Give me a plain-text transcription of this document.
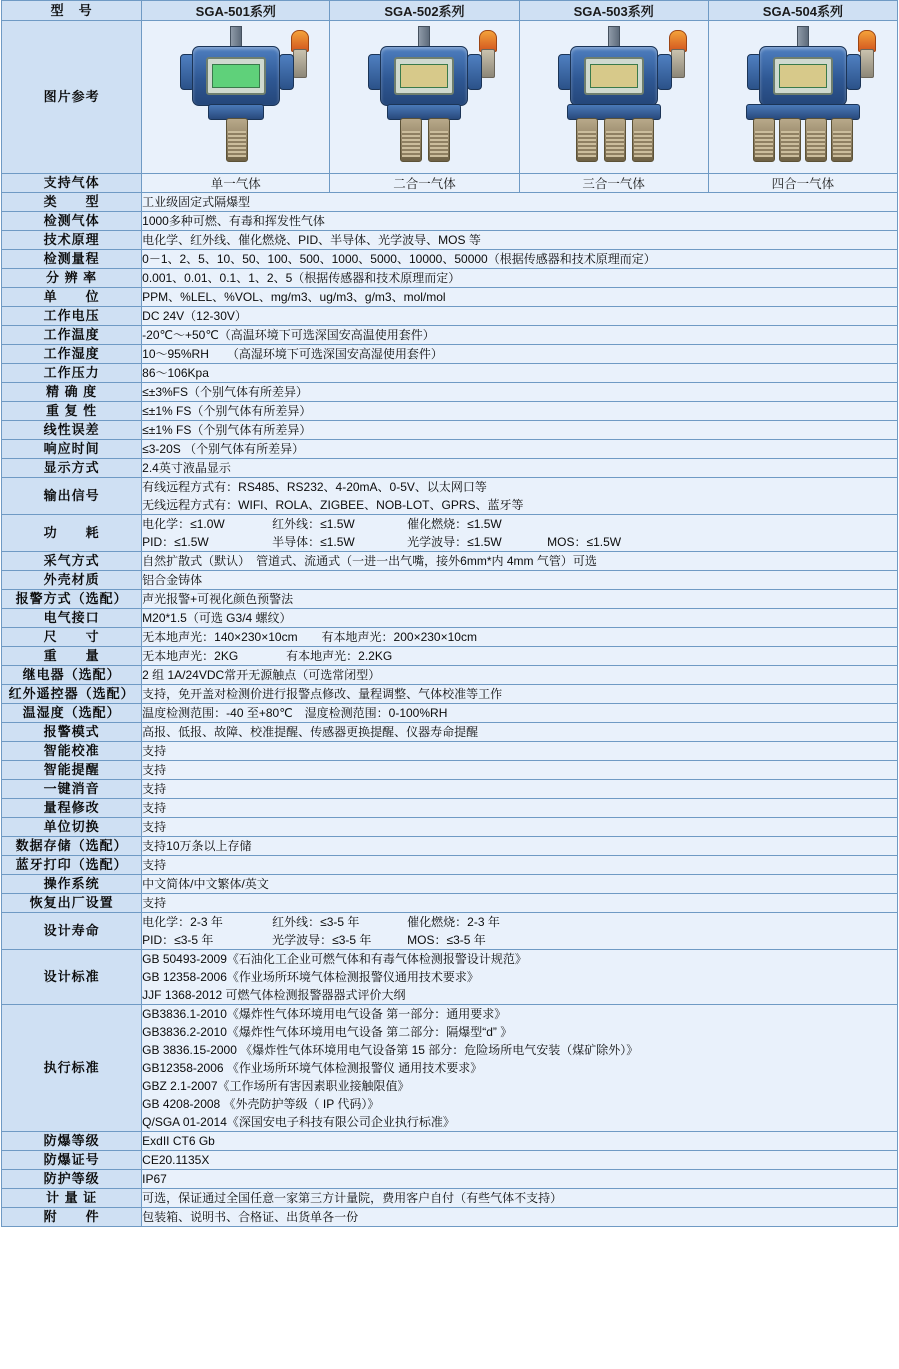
型　号	SGA-501系列	SGA-502系列	SGA-503系列	SGA-504系列
图片参考	

支持气体	单一气体	二合一气体	三合一气体	四合一气体
类　　型	工业级固定式隔爆型			

检测气体	1000多种可燃、有毒和挥发性气体			

技术原理	电化学、红外线、催化燃烧、PID、半导体、光学波导、MOS 等			

检测量程	0－1、2、5、10、50、100、500、1000、5000、10000、50000（根据传感器和技术原理而定）			

分 辨 率	0.001、0.01、0.1、1、2、5（根据传感器和技术原理而定）			

单　　位	PPM、%LEL、%VOL、mg/m3、ug/m3、g/m3、mol/mol			

工作电压	DC 24V（12-30V）			

工作温度	-20℃～+50℃（高温环境下可选深国安高温使用套件）			

工作湿度	10～95%RH　　（高湿环境下可选深国安高湿使用套件）			

工作压力	86～106Kpa			

精 确 度	≤±3%FS（个别气体有所差异）			

重 复 性	≤±1% FS（个别气体有所差异）			

线性误差	≤±1% FS（个别气体有所差异）			

响应时间	≤3-20S （个别气体有所差异）			

显示方式	2.4英寸液晶显示			

输出信号	有线远程方式有：RS485、RS232、4-20mA、0-5V、以太网口等
无线远程方式有：WIFI、ROLA、ZIGBEE、NOB-LOT、GPRS、蓝牙等			

功　　耗	
电化学：≤1.0W	红外线：≤1.5W	催化燃烧：≤1.5W
PID：≤1.5W	半导体：≤1.5W	光学波导：≤1.5W	MOS：≤1.5W

采气方式	自然扩散式（默认）　管道式、流通式（一进一出气嘴，接外6mm*内 4mm 气管）可选			

外壳材质	铝合金铸体			

报警方式（选配）	声光报警+可视化颜色预警法			

电气接口	M20*1.5（可选 G3/4 螺纹）			

尺　　寸	无本地声光：140×230×10cm　　有本地声光：200×230×10cm			

重　　量	无本地声光：2KG　　　　有本地声光：2.2KG			

继电器（选配）	2 组 1A/24VDC常开无源触点（可选常闭型）			

红外遥控器（选配）	支持，免开盖对检测价进行报警点修改、量程调整、气体校准等工作			

温湿度（选配）	温度检测范围：-40 至+80℃　湿度检测范围：0-100%RH			

报警模式	高报、低报、故障、校准提醒、传感器更换提醒、仪器寿命提醒			

智能校准	支持			

智能提醒	支持			

一键消音	支持			

量程修改	支持			

单位切换	支持			

数据存储（选配）	支持10万条以上存储			

蓝牙打印（选配）	支持			

操作系统	中文简体/中文繁体/英文			

恢复出厂设置	支持			

设计寿命	
电化学：2-3 年	红外线：≤3-5 年	催化燃烧：2-3 年
PID：≤3-5 年	光学波导：≤3-5 年	MOS：≤3-5 年

设计标准	GB 50493-2009《石油化工企业可燃气体和有毒气体检测报警设计规范》
GB 12358-2006《作业场所环境气体检测报警仪通用技术要求》
JJF 1368-2012 可燃气体检测报警器器式评价大纲			

执行标准	
GB3836.1-2010《爆炸性气体环境用电气设备 第一部分：通用要求》
GB3836.2-2010《爆炸性气体环境用电气设备 第二部分：隔爆型“d” 》
GB 3836.15-2000 《爆炸性气体环境用电气设备第 15 部分：危险场所电气安装（煤矿除外）》
GB12358-2006 《作业场所环境气体检测报警仪 通用技术要求》
GBZ 2.1-2007《工作场所有害因素职业接触限值》
GB 4208-2008 《外壳防护等级（ IP 代码）》
Q/SGA 01-2014《深国安电子科技有限公司企业执行标准》

防爆等级	ExdII CT6 Gb			

防爆证号	CE20.1135X			

防护等级	IP67			

计 量 证	可选，保证通过全国任意一家第三方计量院，费用客户自付（有些气体不支持）			

附　　件	包装箱、说明书、合格证、出货单各一份			
